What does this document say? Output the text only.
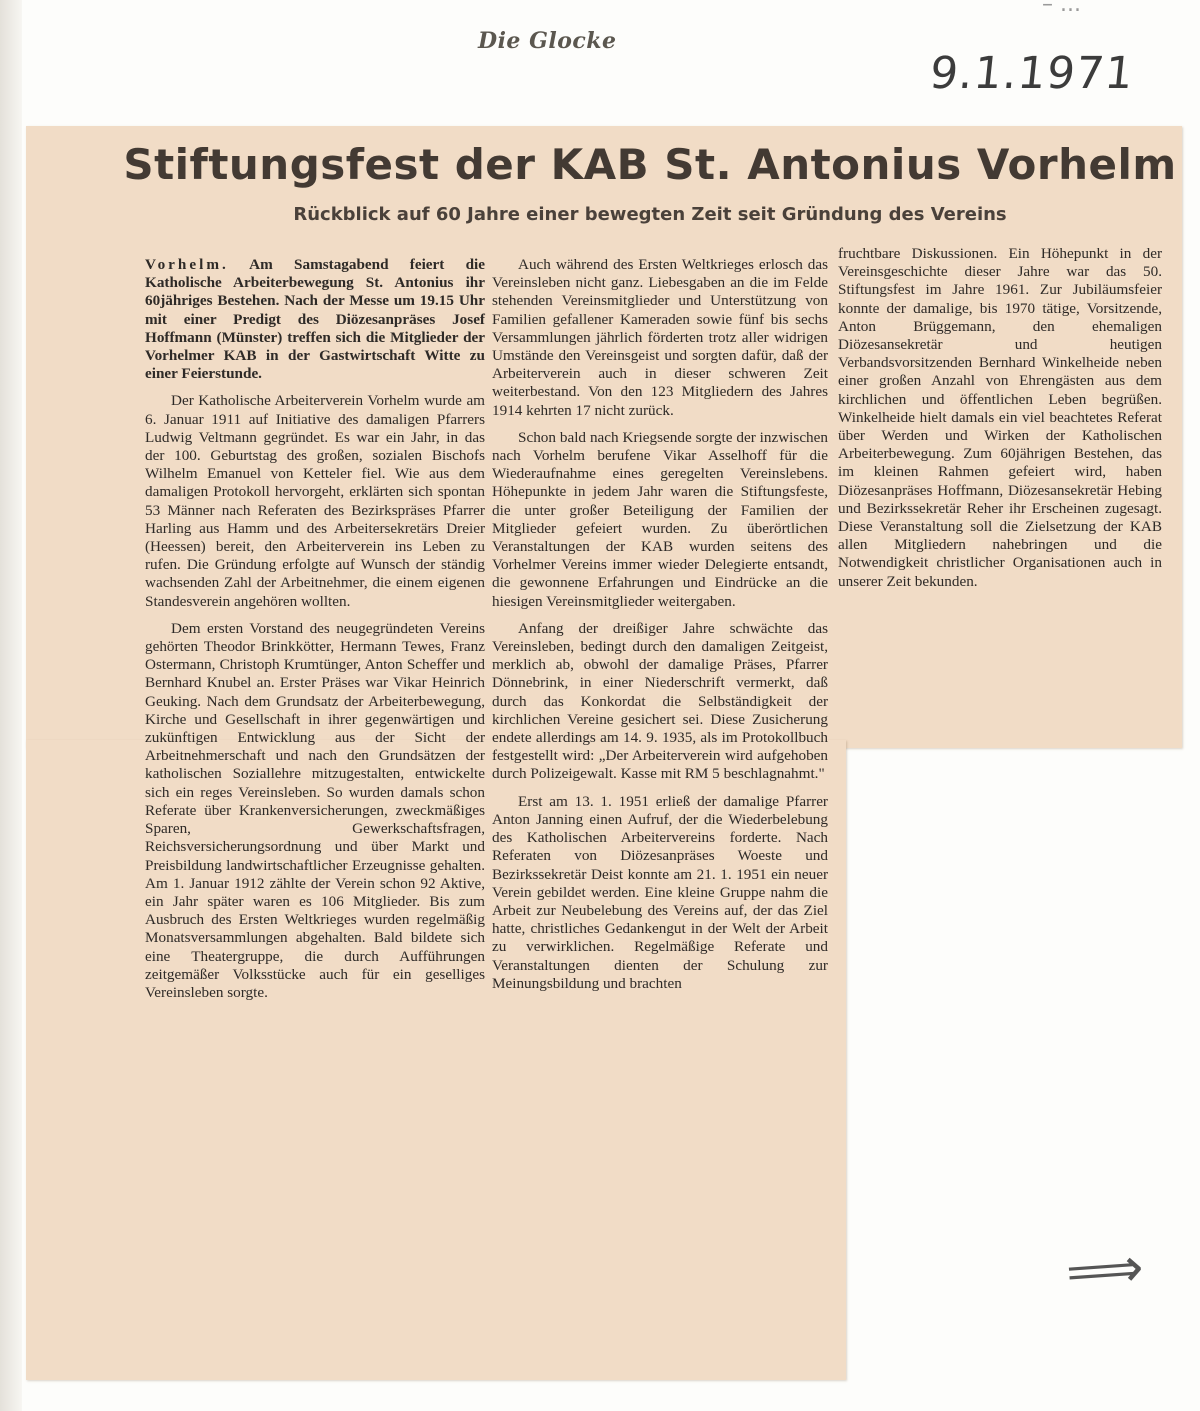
– ...
Die Glocke
9.1.1971
Stiftungsfest der KAB St. Antonius Vorhelm
Rückblick auf 60 Jahre einer bewegten Zeit seit Gründung des Vereins

Vorhelm. Am Samstagabend feiert die Katholische Arbeiterbewegung St. Antonius ihr 60jähriges Bestehen. Nach der Messe um 19.15 Uhr mit einer Predigt des Diözesanpräses Josef Hoffmann (Münster) treffen sich die Mitglieder der Vorhelmer KAB in der Gastwirtschaft Witte zu einer Feierstunde.

Der Katholische Arbeiterverein Vorhelm wurde am 6. Januar 1911 auf Initiative des damaligen Pfarrers Ludwig Veltmann gegründet. Es war ein Jahr, in das der 100. Geburtstag des großen, sozialen Bischofs Wilhelm Emanuel von Ketteler fiel. Wie aus dem damaligen Protokoll hervorgeht, erklärten sich spontan 53 Männer nach Referaten des Bezirkspräses Pfarrer Harling aus Hamm und des Arbeitersekretärs Dreier (Heessen) bereit, den Arbeiterverein ins Leben zu rufen. Die Gründung erfolgte auf Wunsch der ständig wachsenden Zahl der Arbeitnehmer, die einem eigenen Standesverein angehören wollten.

Dem ersten Vorstand des neugegründeten Vereins gehörten Theodor Brinkkötter, Hermann Tewes, Franz Ostermann, Christoph Krumtünger, Anton Scheffer und Bernhard Knubel an. Erster Präses war Vikar Heinrich Geuking. Nach dem Grundsatz der Arbeiterbewegung, Kirche und Gesellschaft in ihrer gegenwärtigen und zukünftigen Entwicklung aus der Sicht der Arbeitnehmerschaft und nach den Grundsätzen der katholischen Soziallehre mitzugestalten, entwickelte sich ein reges Vereinsleben. So wurden damals schon Referate über Krankenversicherungen, zweckmäßiges Sparen, Gewerkschaftsfragen, Reichsversicherungsordnung und über Markt und Preisbildung landwirtschaftlicher Erzeugnisse gehalten. Am 1. Januar 1912 zählte der Verein schon 92 Aktive, ein Jahr später waren es 106 Mitglieder. Bis zum Ausbruch des Ersten Weltkrieges wurden regelmäßig Monatsversammlungen abgehalten. Bald bildete sich eine Theatergruppe, die durch Aufführungen zeitgemäßer Volksstücke auch für ein geselliges Vereinsleben sorgte.

Auch während des Ersten Weltkrieges erlosch das Vereinsleben nicht ganz. Liebesgaben an die im Felde stehenden Vereinsmitglieder und Unterstützung von Familien gefallener Kameraden sowie fünf bis sechs Versammlungen jährlich förderten trotz aller widrigen Umstände den Vereinsgeist und sorgten dafür, daß der Arbeiterverein auch in dieser schweren Zeit weiterbestand. Von den 123 Mitgliedern des Jahres 1914 kehrten 17 nicht zurück.

Schon bald nach Kriegsende sorgte der inzwischen nach Vorhelm berufene Vikar Asselhoff für die Wiederaufnahme eines geregelten Vereinslebens. Höhepunkte in jedem Jahr waren die Stiftungsfeste, die unter großer Beteiligung der Familien der Mitglieder gefeiert wurden. Zu überörtlichen Veranstaltungen der KAB wurden seitens des Vorhelmer Vereins immer wieder Delegierte entsandt, die gewonnene Erfahrungen und Eindrücke an die hiesigen Vereinsmitglieder weitergaben.

Anfang der dreißiger Jahre schwächte das Vereinsleben, bedingt durch den damaligen Zeitgeist, merklich ab, obwohl der damalige Präses, Pfarrer Dönnebrink, in einer Niederschrift vermerkt, daß durch das Konkordat die Selbständigkeit der kirchlichen Vereine gesichert sei. Diese Zusicherung endete allerdings am 14. 9. 1935, als im Protokollbuch festgestellt wird: „Der Arbeiterverein wird aufgehoben durch Polizeigewalt. Kasse mit RM 5 beschlagnahmt."

Erst am 13. 1. 1951 erließ der damalige Pfarrer Anton Janning einen Aufruf, der die Wiederbelebung des Katholischen Arbeitervereins forderte. Nach Referaten von Diözesanpräses Woeste und Bezirkssekretär Deist konnte am 21. 1. 1951 ein neuer Verein gebildet werden. Eine kleine Gruppe nahm die Arbeit zur Neubelebung des Vereins auf, der das Ziel hatte, christliches Gedankengut in der Welt der Arbeit zu verwirklichen. Regelmäßige Referate und Veranstaltungen dienten der Schulung zur Meinungsbildung und brachten

fruchtbare Diskussionen. Ein Höhepunkt in der Vereinsgeschichte dieser Jahre war das 50. Stiftungsfest im Jahre 1961. Zur Jubiläumsfeier konnte der damalige, bis 1970 tätige, Vorsitzende, Anton Brüggemann, den ehemaligen Diözesansekretär und heutigen Verbandsvorsitzenden Bernhard Winkelheide neben einer großen Anzahl von Ehrengästen aus dem kirchlichen und öffentlichen Leben begrüßen. Winkelheide hielt damals ein viel beachtetes Referat über Werden und Wirken der Katholischen Arbeiterbewegung. Zum 60jährigen Bestehen, das im kleinen Rahmen gefeiert wird, haben Diözesanpräses Hoffmann, Diözesansekretär Hebing und Bezirkssekretär Reher ihr Erscheinen zugesagt. Diese Veranstaltung soll die Zielsetzung der KAB allen Mitgliedern nahebringen und die Notwendigkeit christlicher Organisationen auch in unserer Zeit bekunden.

⟹
